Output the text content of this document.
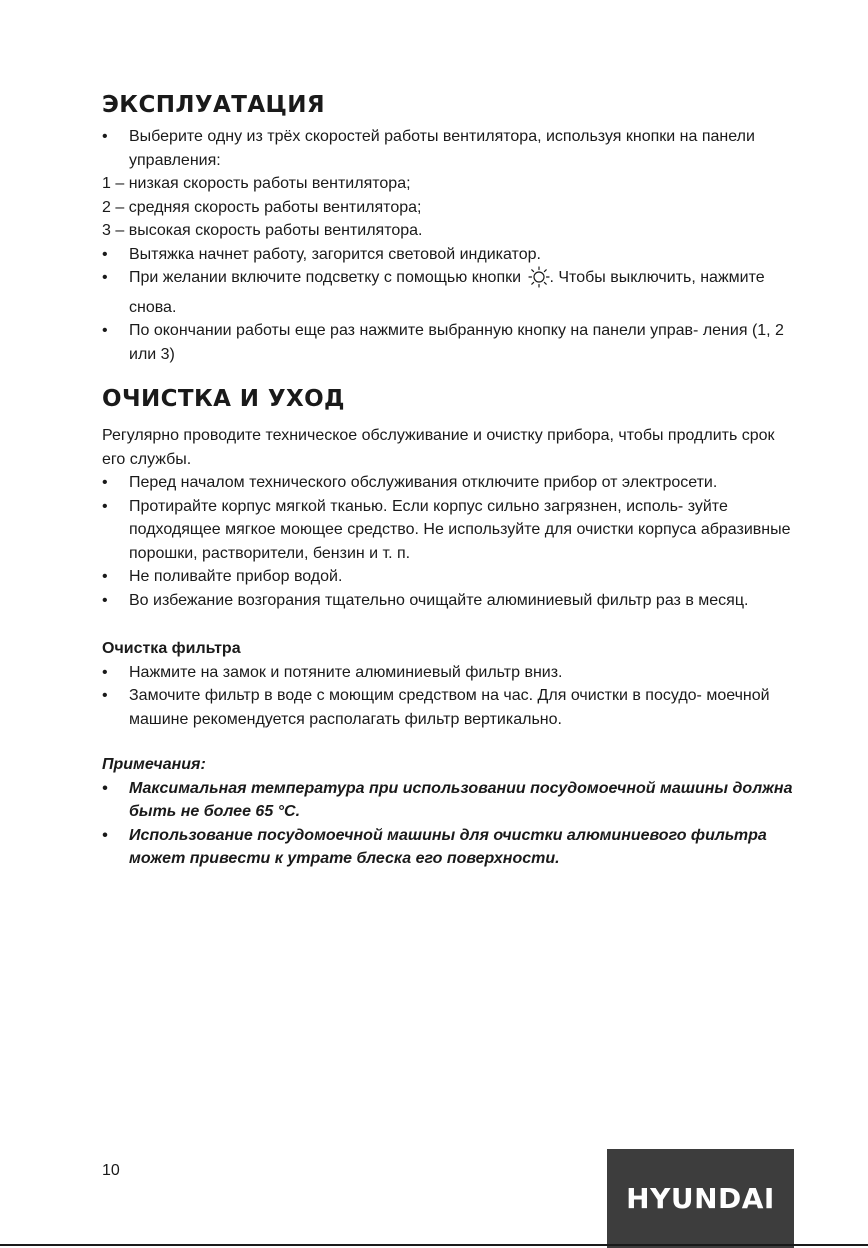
ЭКСПЛУАТАЦИЯ
•	Выберите одну из трёх скоростей работы вентилятора, используя кнопки на панели управления:
1 – низкая скорость работы вентилятора;
2 – средняя скорость работы вентилятора;
3 – высокая скорость работы вентилятора.
•	Вытяжка начнет работу, загорится световой индикатор.
•	При желании включите подсветку с помощью кнопки . Чтобы выключить, нажмите снова.
•	По окончании работы еще раз нажмите выбранную кнопку на панели управ- ления (1, 2 или 3)
ОЧИСТКА И УХОД

Регулярно проводите техническое обслуживание и очистку прибора, чтобы продлить срок его службы.

•	Перед началом технического обслуживания отключите прибор от электросети.
•	Протирайте корпус мягкой тканью. Если корпус сильно загрязнен, исполь- зуйте подходящее мягкое моющее средство. Не используйте для очистки корпуса абразивные порошки, растворители, бензин и т. п.
•	Не поливайте прибор водой.
•	Во избежание возгорания тщательно очищайте алюминиевый фильтр раз в месяц.

Очистка фильтра

•	Нажмите на замок и потяните алюминиевый фильтр вниз.
•	Замочите фильтр в воде с моющим средством на час. Для очистки в посудо- моечной машине рекомендуется располагать фильтр вертикально.

Примечания:

•	Максимальная температура при использовании посудомоечной машины должна быть не более 65 °C.
•	Использование посудомоечной машины для очистки алюминиевого фильтра может привести к утрате блеска его поверхности.
10
HYUNDAI
